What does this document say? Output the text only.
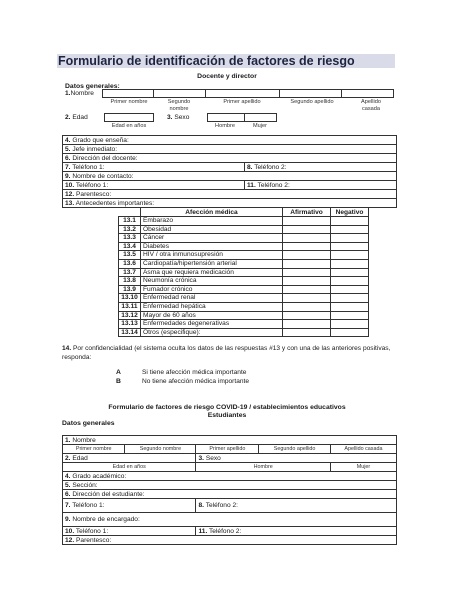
Formulario de identificación de factores de riesgo
Docente y director
Datos generales:
1.Nombre
Primer nombre	Segundo nombre
Primer apellido	Segundo apellido	Apellido casada
2. Edad
Edad en años
3. Sexo
Hombre	Mujer
4. Grado que enseña:	
5. Jefe inmediato:	
6. Dirección del docente:	
7. Teléfono 1:	8. Teléfono 2:
9. Nombre de contacto:	
10. Teléfono 1:	11. Teléfono 2:
12. Parentesco:	
13. Antecedentes importantes:	
	Afección médica	Afirmativo	Negativo
13.1	Embarazo		
13.2	Obesidad		
13.3	Cáncer		
13.4	Diabetes		
13.5	HIV / otra inmunosupresión		
13.6	Cardiopatía/hipertensión arterial		
13.7	Asma que requiera medicación		
13.8	Neumonía crónica		
13.9	Fumador crónico		
13.10	Enfermedad renal		
13.11	Enfermedad hepática		
13.12	Mayor de 60 años		
13.13	Enfermedades degenerativas		
13.14	Otros (especifique):		
14. Por confidencialidad (el sistema oculta los datos de las respuestas #13 y con una de las anteriores positivas, responda:
A	Si tiene afección médica importante
B	No tiene afección médica importante
Formulario de factores de riesgo COVID-19 / establecimientos educativos
Estudiantes
Datos generales
1. Nombre				
Primer nombre	Segundo nombre	Primer apellido	Segundo apellido	Apellido casada
2. Edad		3. Sexo		
Edad en años		Hombre		Mujer
4. Grado académico:				
5. Sección:				
6. Dirección del estudiante:				
7. Teléfono 1:		8. Teléfono 2:		
9. Nombre de encargado:				
10. Teléfono 1:		11. Teléfono 2:		
12. Parentesco:				
